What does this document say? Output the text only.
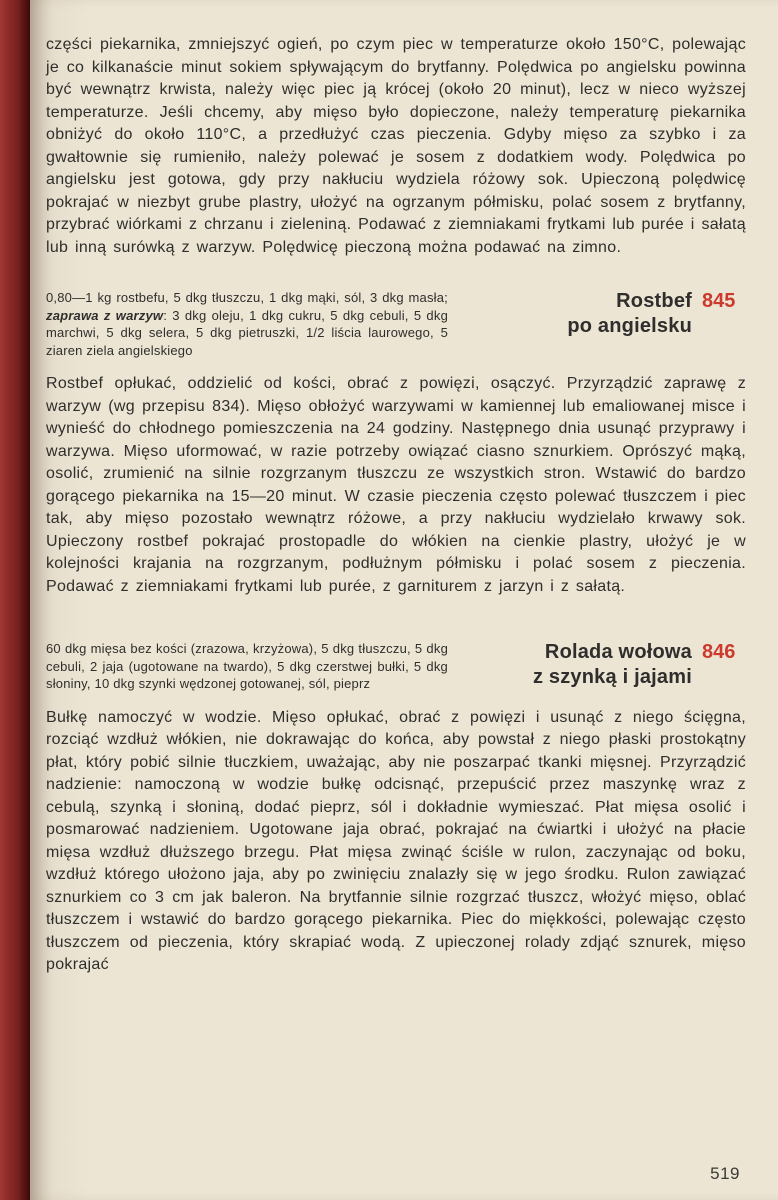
części piekarnika, zmniejszyć ogień, po czym piec w temperaturze około 150°C, polewając je co kilkanaście minut sokiem spływającym do brytfanny. Polędwica po angielsku powinna być wewnątrz krwista, należy więc piec ją krócej (około 20 minut), lecz w nieco wyższej temperaturze. Jeśli chcemy, aby mięso było dopieczone, należy temperaturę piekarnika obniżyć do około 110°C, a przedłużyć czas pieczenia. Gdyby mięso za szybko i za gwałtownie się rumieniło, należy polewać je sosem z dodatkiem wody. Polędwica po angielsku jest gotowa, gdy przy nakłuciu wydziela różowy sok. Upieczoną polędwicę pokrajać w niezbyt grube plastry, ułożyć na ogrzanym półmisku, polać sosem z brytfanny, przybrać wiórkami z chrzanu i zieleniną. Podawać z ziemniakami frytkami lub purée i sałatą lub inną surówką z warzyw. Polędwicę pieczoną można podawać na zimno.

0,80—1 kg rostbefu, 5 dkg tłuszczu, 1 dkg mąki, sól, 3 dkg masła; zaprawa z warzyw: 3 dkg oleju, 1 dkg cukru, 5 dkg cebuli, 5 dkg marchwi, 5 dkg selera, 5 dkg pietruszki, 1/2 liścia laurowego, 5 ziaren ziela angielskiego
Rostbef
po angielsku
845

Rostbef opłukać, oddzielić od kości, obrać z powięzi, osączyć. Przyrządzić zaprawę z warzyw (wg przepisu 834). Mięso obłożyć warzywami w kamiennej lub emaliowanej misce i wynieść do chłodnego pomieszczenia na 24 godziny. Następnego dnia usunąć przyprawy i warzywa. Mięso uformować, w razie potrzeby owiązać ciasno sznurkiem. Oprószyć mąką, osolić, zrumienić na silnie rozgrzanym tłuszczu ze wszystkich stron. Wstawić do bardzo gorącego piekarnika na 15—20 minut. W czasie pieczenia często polewać tłuszczem i piec tak, aby mięso pozostało wewnątrz różowe, a przy nakłuciu wydzielało krwawy sok. Upieczony rostbef pokrajać prostopadle do włókien na cienkie plastry, ułożyć je w kolejności krajania na rozgrzanym, podłużnym półmisku i polać sosem z pieczenia. Podawać z ziemniakami frytkami lub purée, z garniturem z jarzyn i z sałatą.

60 dkg mięsa bez kości (zrazowa, krzyżowa), 5 dkg tłuszczu, 5 dkg cebuli, 2 jaja (ugotowane na twardo), 5 dkg czerstwej bułki, 5 dkg słoniny, 10 dkg szynki wędzonej gotowanej, sól, pieprz
Rolada wołowa
z szynką i jajami
846

Bułkę namoczyć w wodzie. Mięso opłukać, obrać z powięzi i usunąć z niego ścięgna, rozciąć wzdłuż włókien, nie dokrawając do końca, aby powstał z niego płaski prostokątny płat, który pobić silnie tłuczkiem, uważając, aby nie poszarpać tkanki mięsnej. Przyrządzić nadzienie: namoczoną w wodzie bułkę odcisnąć, przepuścić przez maszynkę wraz z cebulą, szynką i słoniną, dodać pieprz, sól i dokładnie wymieszać. Płat mięsa osolić i posmarować nadzieniem. Ugotowane jaja obrać, pokrajać na ćwiartki i ułożyć na płacie mięsa wzdłuż dłuższego brzegu. Płat mięsa zwinąć ściśle w rulon, zaczynając od boku, wzdłuż którego ułożono jaja, aby po zwinięciu znalazły się w jego środku. Rulon zawiązać sznurkiem co 3 cm jak baleron. Na brytfannie silnie rozgrzać tłuszcz, włożyć mięso, oblać tłuszczem i wstawić do bardzo gorącego piekarnika. Piec do miękkości, polewając często tłuszczem od pieczenia, który skrapiać wodą. Z upieczonej rolady zdjąć sznurek, mięso pokrajać

wedlinydomowe.pl
519
